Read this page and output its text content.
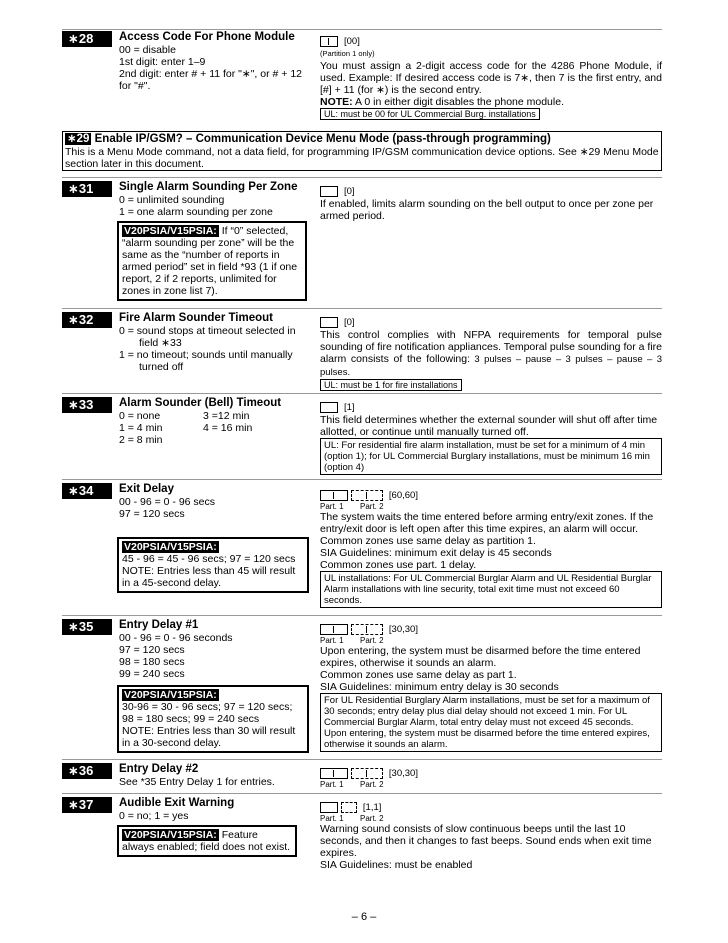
∗28	Access Code For Phone Module
00 = disable
1st digit: enter 1–9
2nd digit: enter # + 11 for "∗", or # + 12
for "#".
[00]
(Partition 1 only)
You must assign a 2-digit access code for the 4286 Phone Module, if used. Example: If desired access code is 7∗, then 7 is the first entry, and [#] + 11 (for ∗) is the second entry.
NOTE: A 0 in either digit disables the phone module.
UL: must be 00 for UL Commercial Burg. installations
∗29 Enable IP/GSM? – Communication Device Menu Mode (pass-through programming)
This is a Menu Mode command, not a data field, for programming IP/GSM communication device options. See ∗29 Menu Mode section later in this document.
∗31	Single Alarm Sounding Per Zone
0 = unlimited sounding
1 = one alarm sounding per zone
V20PSIA/V15PSIA: If “0” selected, “alarm sounding per zone” will be the same as the “number of reports in armed period” set in field *93 (1 if one report, 2 if 2 reports, unlimited for zones in zone list 7).
[0]
If enabled, limits alarm sounding on the bell output to once per zone per armed period.
∗32	Fire Alarm Sounder Timeout
0 = sound stops at timeout selected in
field ∗33
1 = no timeout; sounds until manually
turned off
[0]
This control complies with NFPA requirements for temporal pulse sounding of fire notification appliances. Temporal pulse sounding for a fire alarm consists of the following: 3 pulses – pause – 3 pulses – pause – 3 pulses.
UL: must be 1 for fire installations
∗33	Alarm Sounder (Bell) Timeout
0 = none	3 =12 min
1 = 4 min	4 = 16 min
2 = 8 min
[1]
This field determines whether the external sounder will shut off after time allotted, or continue until manually turned off.
UL: For residential fire alarm installation, must be set for a minimum of 4 min (option 1); for UL Commercial Burglary installations, must be minimum 16 min (option 4)
∗34	Exit Delay
00 - 96 = 0 - 96 secs
97 = 120 secs
V20PSIA/V15PSIA:
45 - 96 = 45 - 96 secs; 97 = 120 secs
NOTE: Entries less than 45 will result
in a 45-second delay.

[60,60]
Part. 1 Part. 2
The system waits the time entered before arming entry/exit zones. If the entry/exit door is left open after this time expires, an alarm will occur. Common zones use same delay as partition 1.
SIA Guidelines: minimum exit delay is 45 seconds
Common zones use part. 1 delay.
UL installations: For UL Commercial Burglar Alarm and UL Residential Burglar Alarm installations with line security, total exit time must not exceed 60 seconds.
∗35	Entry Delay #1
00 - 96 = 0 - 96 seconds
97 = 120 secs
98 = 180 secs
99 = 240 secs
V20PSIA/V15PSIA:
30-96 = 30 - 96 secs; 97 = 120 secs;
98 = 180 secs; 99 = 240 secs
NOTE: Entries less than 30 will result
in a 30-second delay.

[30,30]
Part. 1 Part. 2
Upon entering, the system must be disarmed before the time entered expires, otherwise it sounds an alarm.
Common zones use same delay as part 1.
SIA Guidelines: minimum entry delay is 30 seconds
For UL Residential Burglary Alarm installations, must be set for a maximum of 30 seconds; entry delay plus dial delay should not exceed 1 min. For UL Commercial Burglar Alarm, total entry delay must not exceed 45 seconds. Upon entering, the system must be disarmed before the time entered expires, otherwise it sounds an alarm.
∗36	Entry Delay #2
See *35 Entry Delay 1 for entries.

[30,30]
Part. 1 Part. 2
∗37	Audible Exit Warning
0 = no; 1 = yes
V20PSIA/V15PSIA: Feature always enabled; field does not exist.
[1,1]
Part. 1 Part. 2
Warning sound consists of slow continuous beeps until the last 10 seconds, and then it changes to fast beeps. Sound ends when exit time expires.
SIA Guidelines: must be enabled
– 6 –
